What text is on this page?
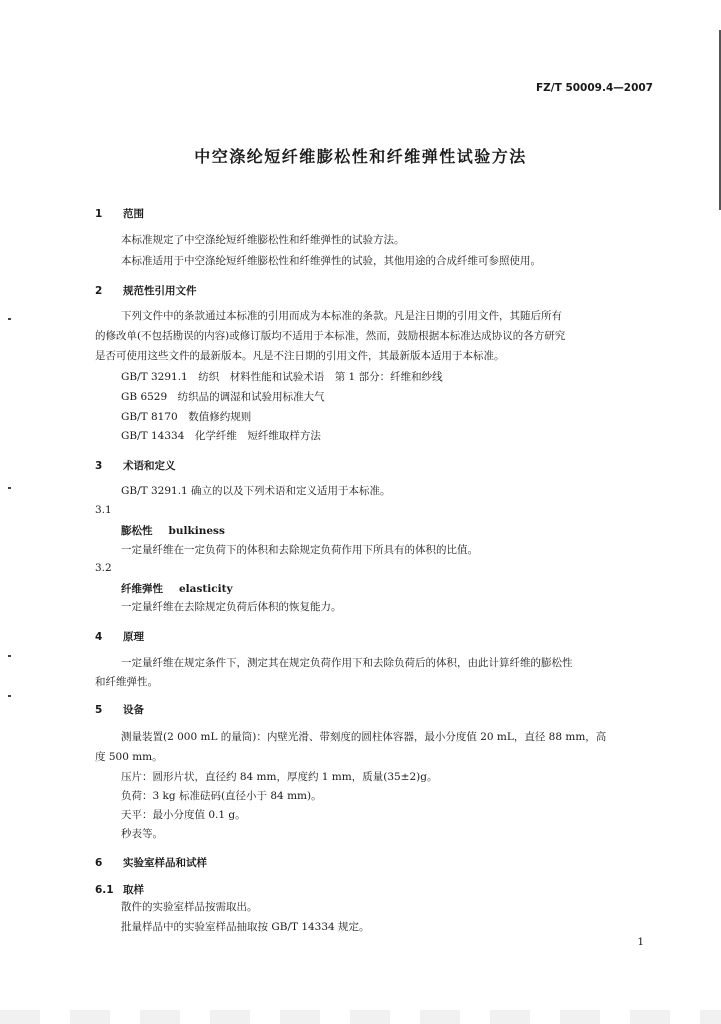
FZ/T 50009.4—2007
中空涤纶短纤维膨松性和纤维弹性试验方法
1 范围
本标准规定了中空涤纶短纤维膨松性和纤维弹性的试验方法。
本标准适用于中空涤纶短纤维膨松性和纤维弹性的试验，其他用途的合成纤维可参照使用。
2 规范性引用文件
下列文件中的条款通过本标准的引用而成为本标准的条款。凡是注日期的引用文件，其随后所有
的修改单(不包括勘误的内容)或修订版均不适用于本标准，然而，鼓励根据本标准达成协议的各方研究
是否可使用这些文件的最新版本。凡是不注日期的引用文件，其最新版本适用于本标准。
GB/T 3291.1　纺织　材料性能和试验术语　第 1 部分：纤维和纱线
GB 6529　纺织品的调湿和试验用标准大气
GB/T 8170　数值修约规则
GB/T 14334　化学纤维　短纤维取样方法
3 术语和定义
GB/T 3291.1 确立的以及下列术语和定义适用于本标准。
3.1
膨松性 bulkiness
一定量纤维在一定负荷下的体积和去除规定负荷作用下所具有的体积的比值。
3.2
纤维弹性 elasticity
一定量纤维在去除规定负荷后体积的恢复能力。
4 原理
一定量纤维在规定条件下，测定其在规定负荷作用下和去除负荷后的体积，由此计算纤维的膨松性
和纤维弹性。
5 设备
测量装置(2 000 mL 的量筒)：内壁光滑、带刻度的圆柱体容器，最小分度值 20 mL，直径 88 mm，高
度 500 mm。
压片：圆形片状，直径约 84 mm，厚度约 1 mm，质量(35±2)g。
负荷：3 kg 标准砝码(直径小于 84 mm)。
天平：最小分度值 0.1 g。
秒表等。
6 实验室样品和试样
6.1 取样
散件的实验室样品按需取出。
批量样品中的实验室样品抽取按 GB/T 14334 规定。
1
